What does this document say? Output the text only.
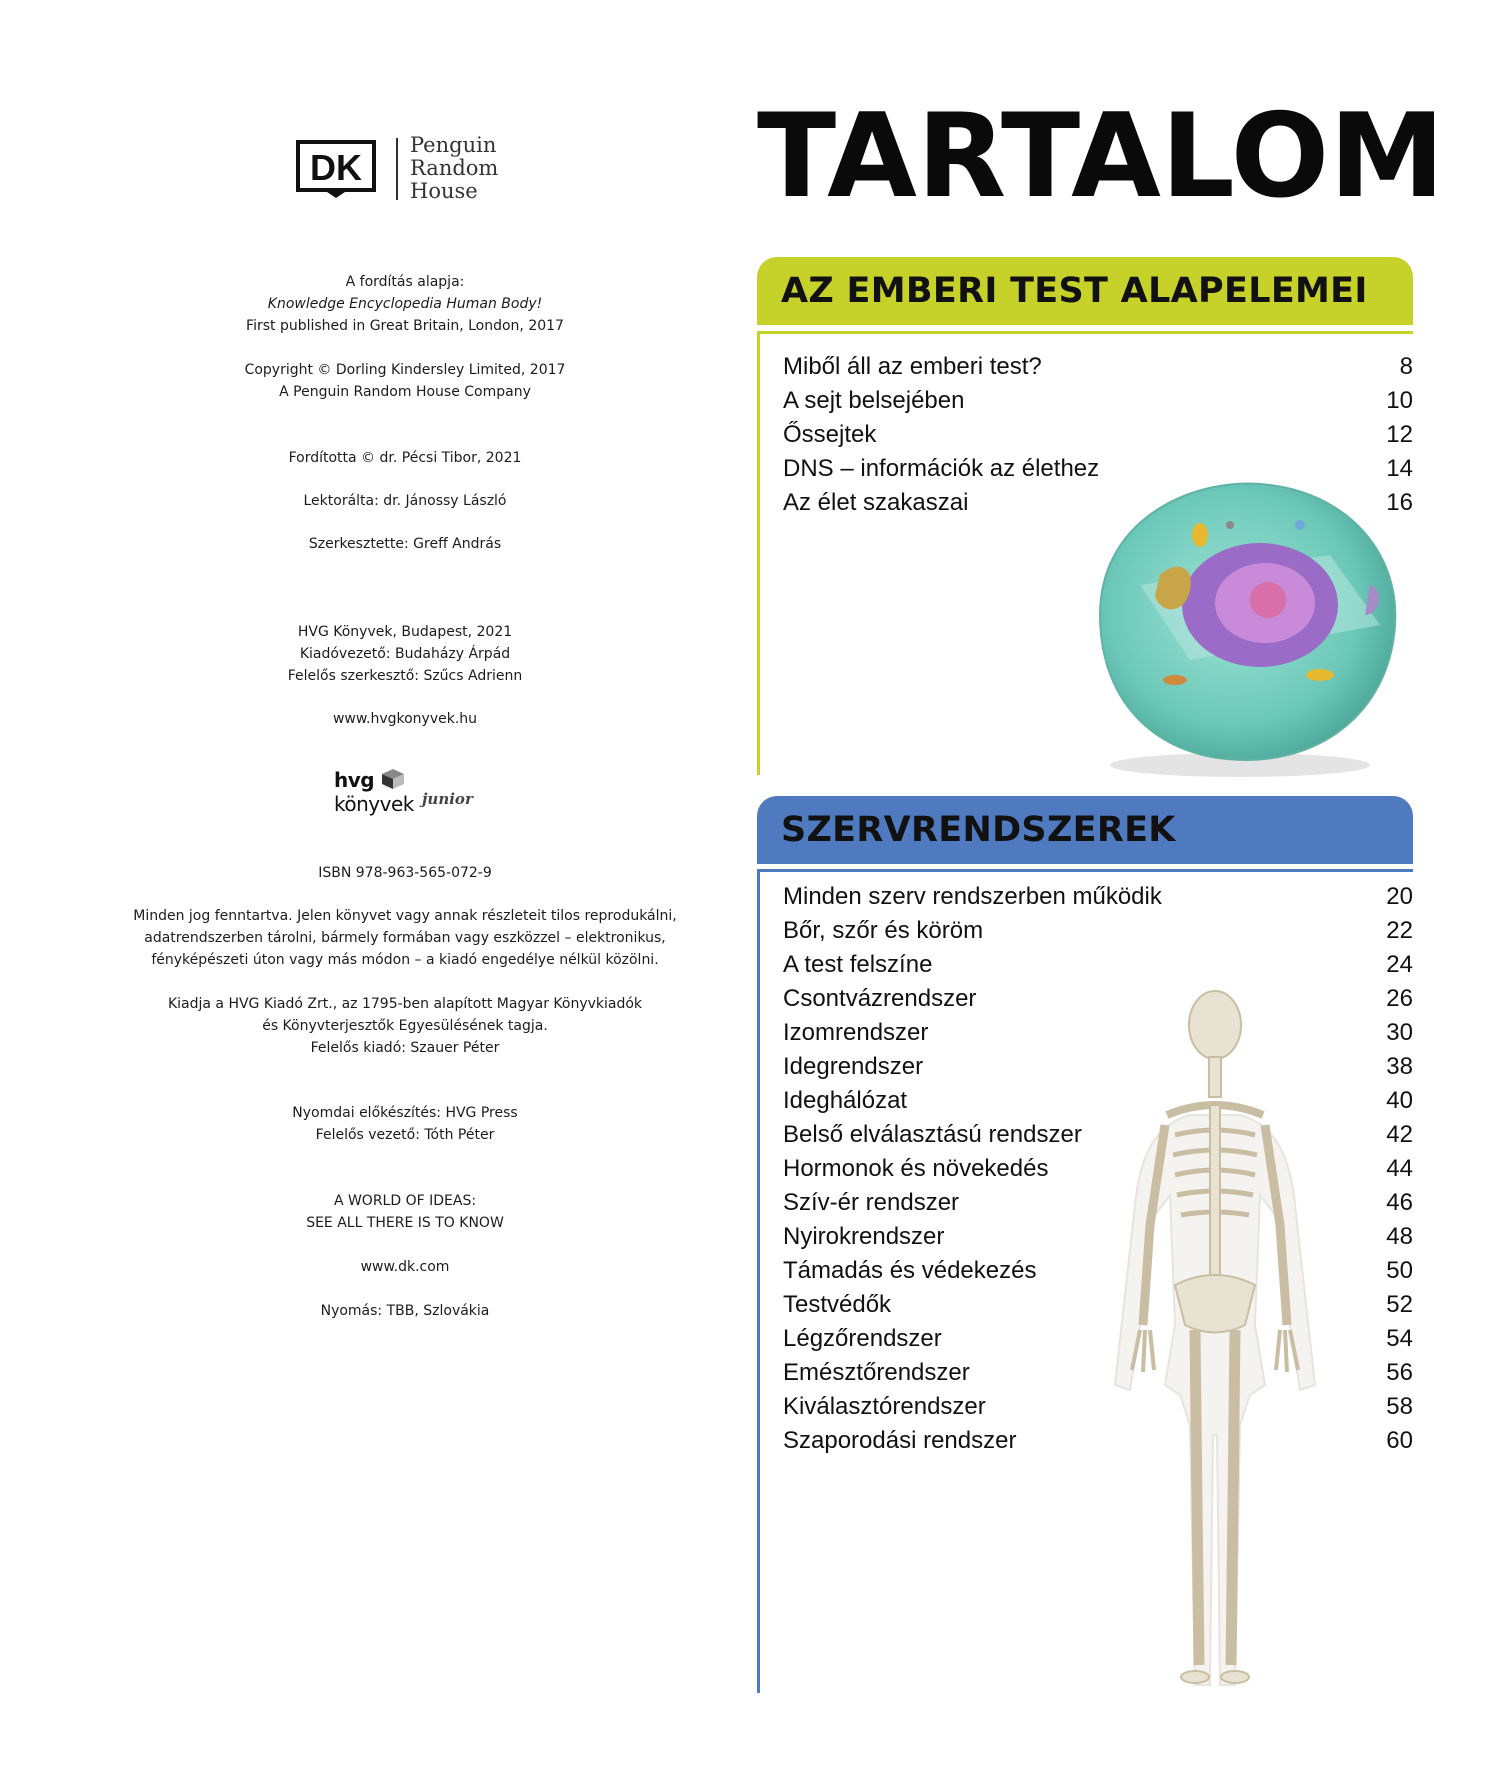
DK
Penguin
Random
House

A fordítás alapja:

Knowledge Encyclopedia Human Body!

First published in Great Britain, London, 2017

Copyright © Dorling Kindersley Limited, 2017

A Penguin Random House Company

Fordította © dr. Pécsi Tibor, 2021

Lektorálta: dr. Jánossy László

Szerkesztette: Greff András

HVG Könyvek, Budapest, 2021

Kiadóvezető: Budaházy Árpád

Felelős szerkesztő: Szűcs Adrienn

www.hvgkonyvek.hu

hvg  könyvek junior

ISBN 978-963-565-072-9

Minden jog fenntartva. Jelen könyvet vagy annak részleteit tilos reprodukálni,

adatrendszerben tárolni, bármely formában vagy eszközzel – elektronikus,

fényképészeti úton vagy más módon – a kiadó engedélye nélkül közölni.

Kiadja a HVG Kiadó Zrt., az 1795-ben alapított Magyar Könyvkiadók

és Könyvterjesztők Egyesülésének tagja.

Felelős kiadó: Szauer Péter

Nyomdai előkészítés: HVG Press

Felelős vezető: Tóth Péter

A WORLD OF IDEAS:

SEE ALL THERE IS TO KNOW

www.dk.com

Nyomás: TBB, Szlovákia

TARTALOM
AZ EMBERI TEST ALAPELEMEI
Miből áll az emberi test?	8
A sejt belsejében	10
Őssejtek	12
DNS – információk az élethez	14
Az élet szakaszai	16
SZERVRENDSZEREK
Minden szerv rendszerben működik	20
Bőr, szőr és köröm	22
A test felszíne	24
Csontvázrendszer	26
Izomrendszer	30
Idegrendszer	38
Ideghálózat	40
Belső elválasztású rendszer	42
Hormonok és növekedés	44
Szív-ér rendszer	46
Nyirokrendszer	48
Támadás és védekezés	50
Testvédők	52
Légzőrendszer	54
Emésztőrendszer	56
Kiválasztórendszer	58
Szaporodási rendszer	60
